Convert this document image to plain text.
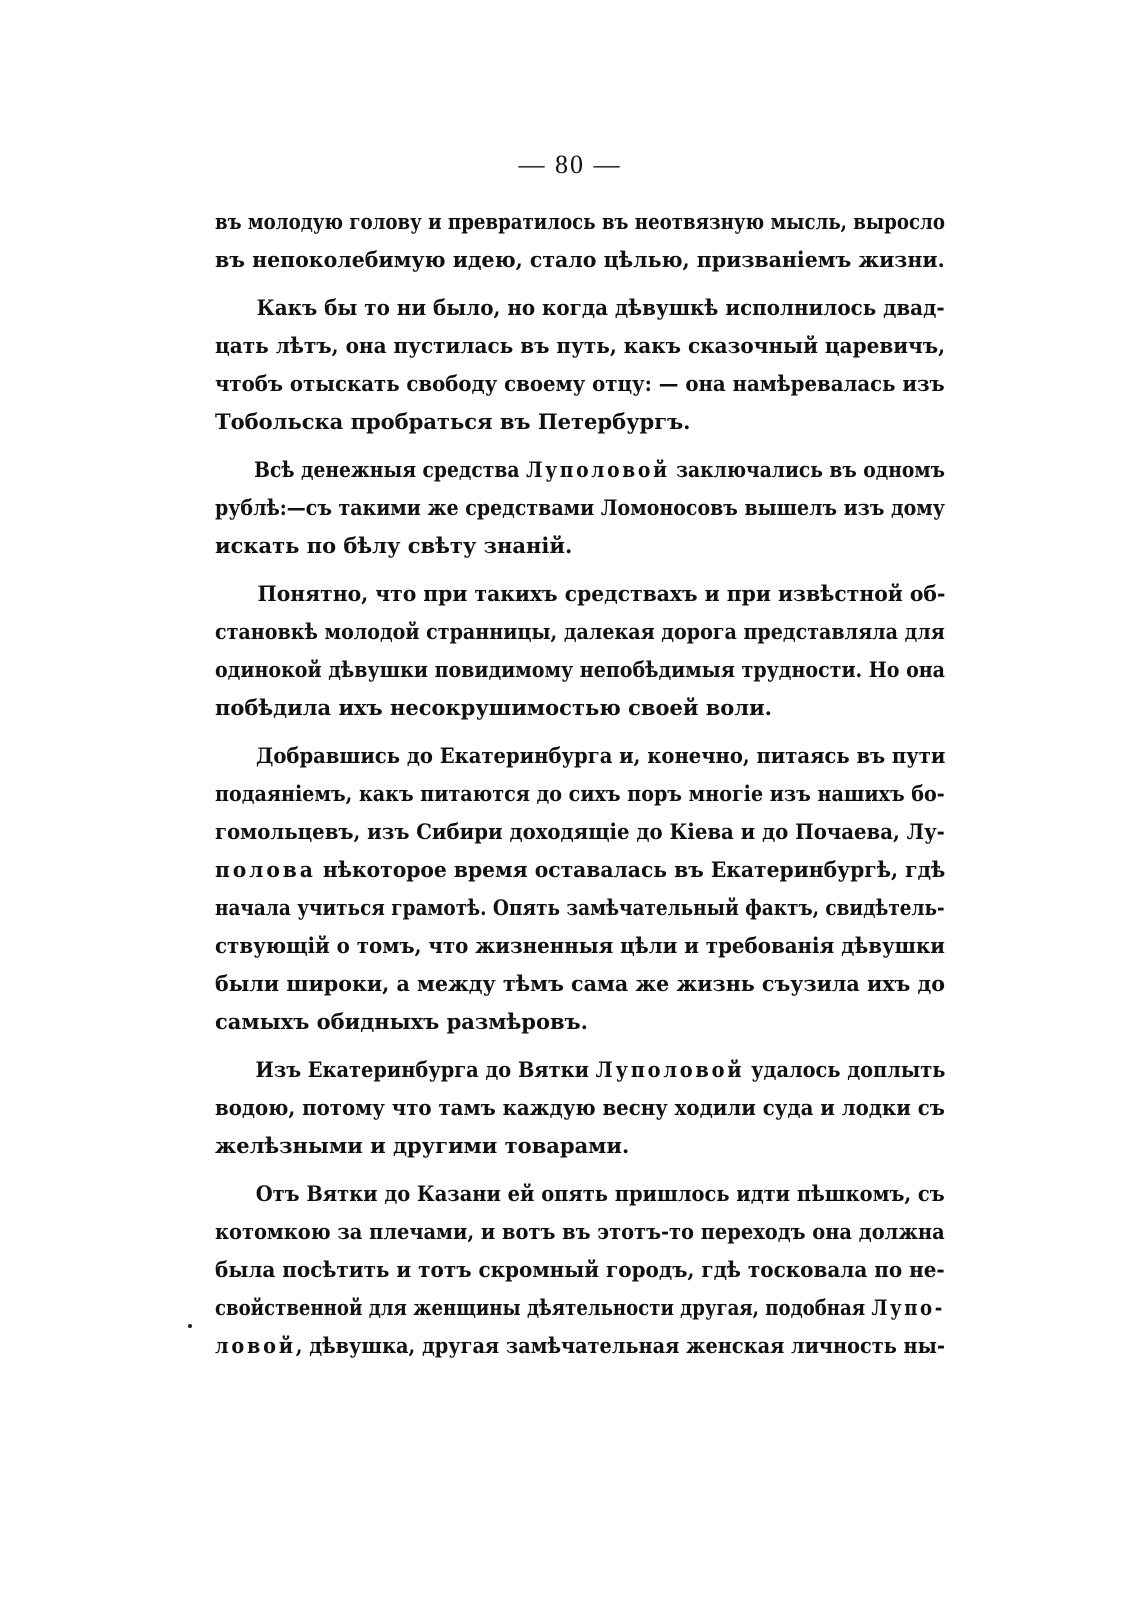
— 80 —
въ молодую голову и превратилось въ неотвязную мысль, выросло
въ непоколебимую идею, стало цѣлью, призваніемъ жизни.
Какъ бы то ни было, но когда дѣвушкѣ исполнилось двад-
цать лѣтъ, она пустилась въ путь, какъ сказочный царевичъ,
чтобъ отыскать свободу своему отцу: — она намѣревалась изъ
Тобольска пробраться въ Петербургъ.
Всѣ денежныя средства Луполовой заключались въ одномъ
рублѣ:—съ такими же средствами Ломоносовъ вышелъ изъ дому
искать по бѣлу свѣту знаній.
Понятно, что при такихъ средствахъ и при извѣстной об-
становкѣ молодой странницы, далекая дорога представляла для
одинокой дѣвушки повидимому непобѣдимыя трудности. Но она
побѣдила ихъ несокрушимостью своей воли.
Добравшись до Екатеринбурга и, конечно, питаясь въ пути
подаяніемъ, какъ питаются до сихъ поръ многіе изъ нашихъ бо-
гомольцевъ, изъ Сибири доходящіе до Кіева и до Почаева, Лу-
полова нѣкоторое время оставалась въ Екатеринбургѣ, гдѣ
начала учиться грамотѣ. Опять замѣчательный фактъ, свидѣтель-
ствующій о томъ, что жизненныя цѣли и требованія дѣвушки
были широки, а между тѣмъ сама же жизнь съузила ихъ до
самыхъ обидныхъ размѣровъ.
Изъ Екатеринбурга до Вятки Луполовой удалось доплыть
водою, потому что тамъ каждую весну ходили суда и лодки съ
желѣзными и другими товарами.
Отъ Вятки до Казани ей опять пришлось идти пѣшкомъ, съ
котомкою за плечами, и вотъ въ этотъ-то переходъ она должна
была посѣтить и тотъ скромный городъ, гдѣ тосковала по не-
свойственной для женщины дѣятельности другая, подобная Лупо-
ловой, дѣвушка, другая замѣчательная женская личность ны-
